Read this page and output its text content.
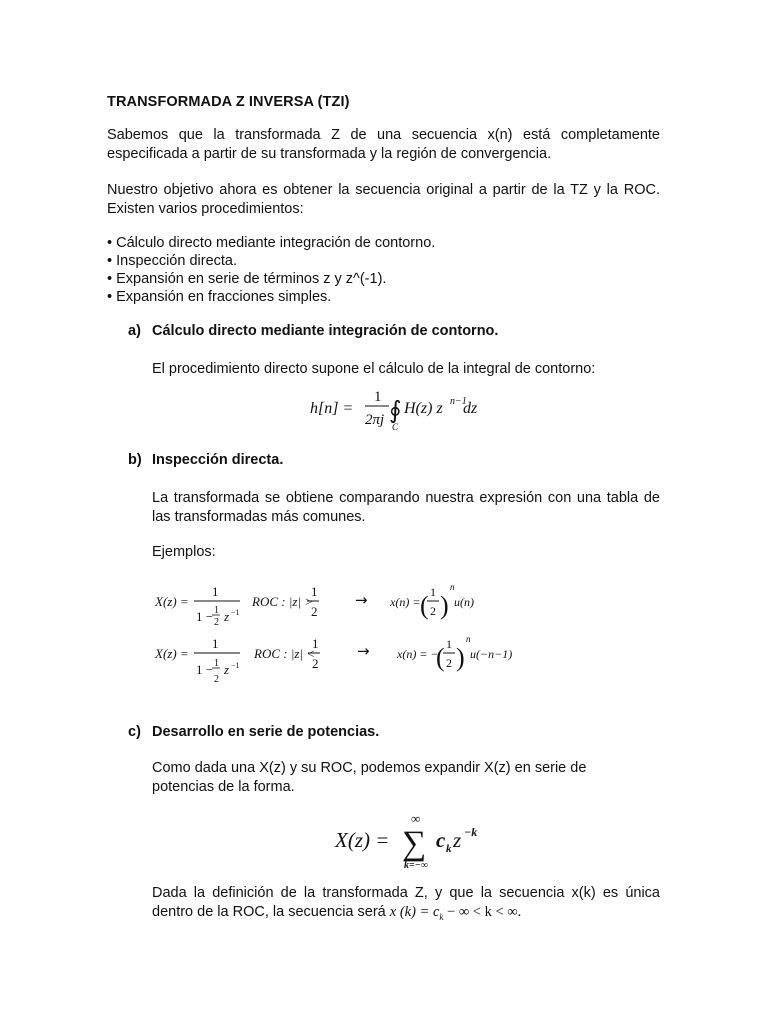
TRANSFORMADA Z INVERSA (TZI)
Sabemos que la transformada Z de una secuencia x(n) está completamente especificada a partir de su transformada y la región de convergencia.
Nuestro objetivo ahora es obtener la secuencia original a partir de la TZ y la ROC. Existen varios procedimientos:
• Cálculo directo mediante integración de contorno.
• Inspección directa.
• Expansión en serie de términos z y z^(-1).
• Expansión en fracciones simples.
a) Cálculo directo mediante integración de contorno.
El procedimiento directo supone el cálculo de la integral de contorno:
h[n] =
1
2πj ∮
C
H(z) z n−1
dz
b) Inspección directa.
La transformada se obtiene comparando nuestra expresión con una tabla de las transformadas más comunes.
Ejemplos:
X(z) =
1
1 − 1
2 z −1
ROC : |z| >
1
2
→ x(n) = ( 1
2 )
n
u(n)
X(z) =
1
1 − 1
2
z −1
ROC : |z| <
1
2
→ x(n) = −
( 1
2 )
n
u(−n−1)
c) Desarrollo en serie de potencias.
Como dada una X(z) y su ROC, podemos expandir X(z) en serie de potencias de la forma.
X(z) =
∞
∑
k=−∞
c k z −k
Dada la definición de la transformada Z, y que la secuencia x(k) es única dentro de la ROC, la secuencia será x $(k) = c_k$ − ∞ < k < ∞.
